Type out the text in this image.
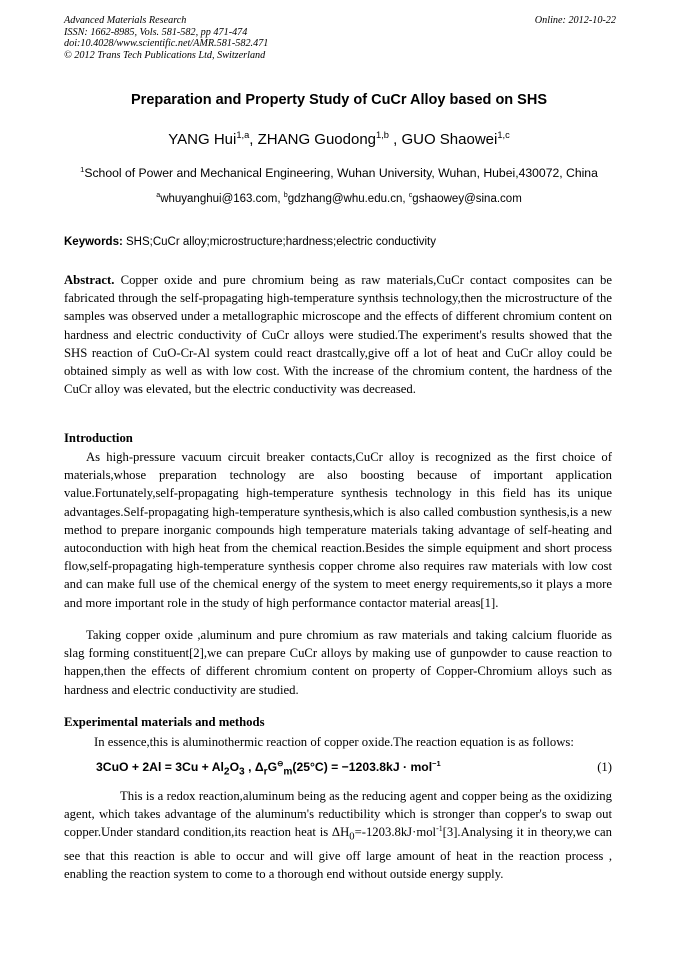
Advanced Materials Research
ISSN: 1662-8985, Vols. 581-582, pp 471-474
doi:10.4028/www.scientific.net/AMR.581-582.471
© 2012 Trans Tech Publications Ltd, Switzerland
Online: 2012-10-22
Preparation and Property Study of CuCr Alloy based on SHS
YANG Hui$^{1,a}$, ZHANG Guodong$^{1,b}$ , GUO Shaowei$^{1,c}$
$^1$School of Power and Mechanical Engineering, Wuhan University, Wuhan, Hubei,430072, China
$^a$whuyanghui@163.com, $^b$gdzhang@whu.edu.cn, $^c$gshaowey@sina.com
Keywords: SHS;CuCr alloy;microstructure;hardness;electric conductivity

Abstract. Copper oxide and pure chromium being as raw materials,CuCr contact composites can be fabricated through the self-propagating high-temperature synthsis technology,then the microstructure of the samples was observed under a metallographic microscope and the effects of different chromium content on hardness and electric conductivity of CuCr alloys were studied.The experiment's results showed that the SHS reaction of CuO-Cr-Al system could react drastcally,give off a lot of heat and CuCr alloy could be obtained simply as well as with low cost. With the increase of the chromium content, the hardness of the CuCr alloy was elevated, but the electric conductivity was decreased.

Introduction

As high-pressure vacuum circuit breaker contacts,CuCr alloy is recognized as the first choice of materials,whose preparation technology are also boosting because of important application value.Fortunately,self-propagating high-temperature synthesis technology in this field has its unique advantages.Self-propagating high-temperature synthesis,which is also called combustion synthesis,is a new method to prepare inorganic compounds high temperature materials taking advantage of self-heating and autoconduction with high heat from the chemical reaction.Besides the simple equipment and short process flow,self-propagating high-temperature synthesis copper chrome also requires raw materials with low cost and can make full use of the chemical energy of the system to meet energy requirements,so it plays a more and more important role in the study of high performance contactor material areas[1].

Taking copper oxide ,aluminum and pure chromium as raw materials and taking calcium fluoride as slag forming constituent[2],we can prepare CuCr alloys by making use of gunpowder to cause reaction to happen,then the effects of different chromium content on property of Copper-Chromium alloys such as hardness and electric conductivity are studied.

Experimental materials and methods

In essence,this is aluminothermic reaction of copper oxide.The reaction equation is as follows:

$3CuO + 2Al = 3Cu + Al_2O_3$ , $\Delta_rG^⊖_m(25^\circ C) = -1203.8kJ \cdot mol^{-1}$	(1)

This is a redox reaction,aluminum being as the reducing agent and copper being as the oxidizing agent, which takes advantage of the aluminum's reductibility which is stronger than copper's to swap out copper.Under standard condition,its reaction heat is $\Delta H_0=-1203.8kJ\cdot mol^{-1}[3].Analysing$ it in theory,we can see that this reaction is able to occur and will give off large amount of heat in the reaction process , enabling the reaction system to come to a thorough end without outside energy supply.
